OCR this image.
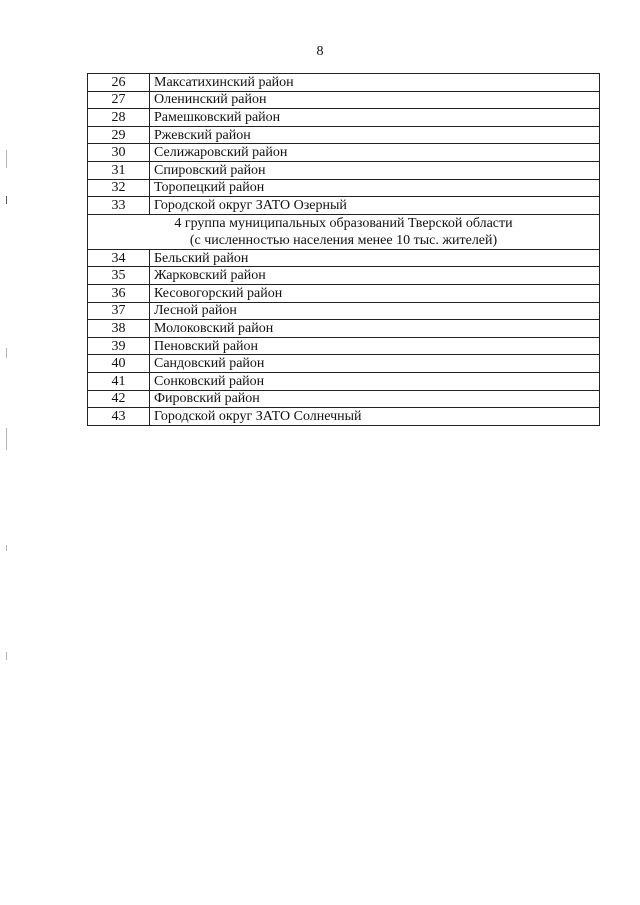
8
26	Максатихинский район
27	Оленинский район
28	Рамешковский район
29	Ржевский район
30	Селижаровский район
31	Спировский район
32	Торопецкий район
33	Городской округ ЗАТО Озерный

4 группа муниципальных образований Тверской области
(с численностью населения менее 10 тыс. жителей)	

34	Бельский район
35	Жарковский район
36	Кесовогорский район
37	Лесной район
38	Молоковский район
39	Пеновский район
40	Сандовский район
41	Сонковский район
42	Фировский район
43	Городской округ ЗАТО Солнечный
